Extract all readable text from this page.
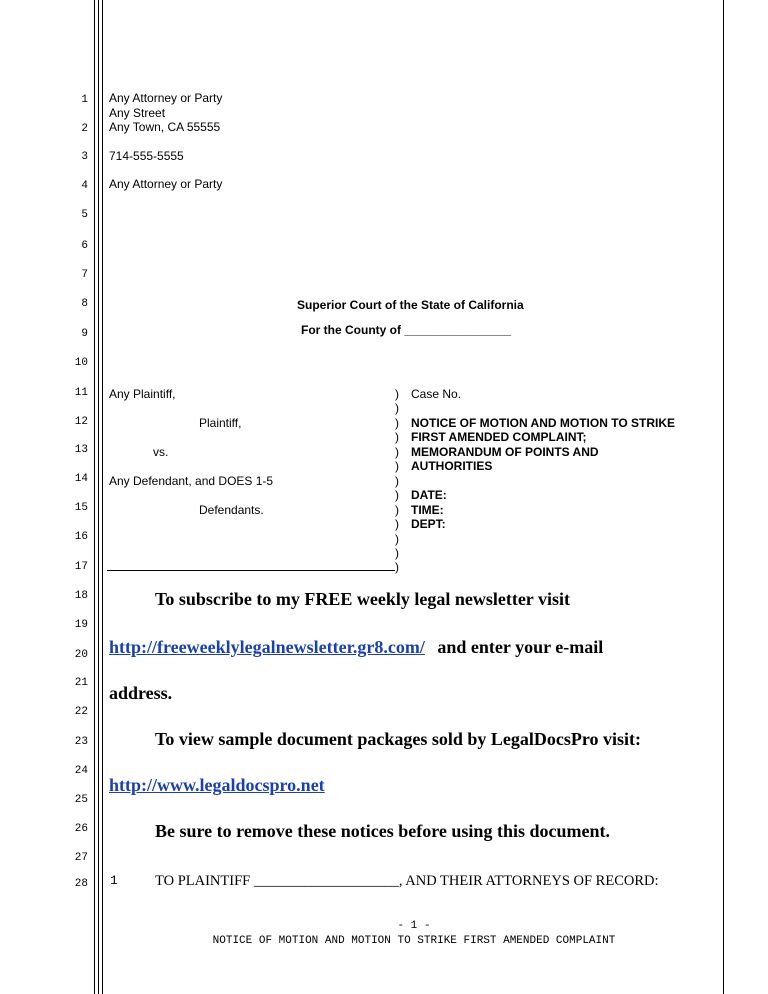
1
2
3
4
5
6
7
8
9
10
11
12
13
14
15
16
17
18
19
20
21
22
23
24
25
26
27
28
Any Attorney or Party
Any Street
Any Town, CA 55555
714-555-5555
Any Attorney or Party
Superior Court of the State of California
For the County of ________________
Any Plaintiff,
Plaintiff,
vs.
Any Defendant, and DOES 1-5
Defendants.
)
)
)
)
)
)
)
)
)
)
)
)
)
Case No.
NOTICE OF MOTION AND MOTION TO STRIKE
FIRST AMENDED COMPLAINT;
MEMORANDUM OF POINTS AND
AUTHORITIES
DATE:
TIME:
DEPT:
To subscribe to my FREE weekly legal newsletter visit
http://freeweeklylegalnewsletter.gr8.com/ and enter your e-mail
address.
To view sample document packages sold by LegalDocsPro visit:
http://www.legaldocspro.net
Be sure to remove these notices before using this document.
1	TO PLAINTIFF ____________________, AND THEIR ATTORNEYS OF RECORD:
- 1 -
NOTICE OF MOTION AND MOTION TO STRIKE FIRST AMENDED COMPLAINT
